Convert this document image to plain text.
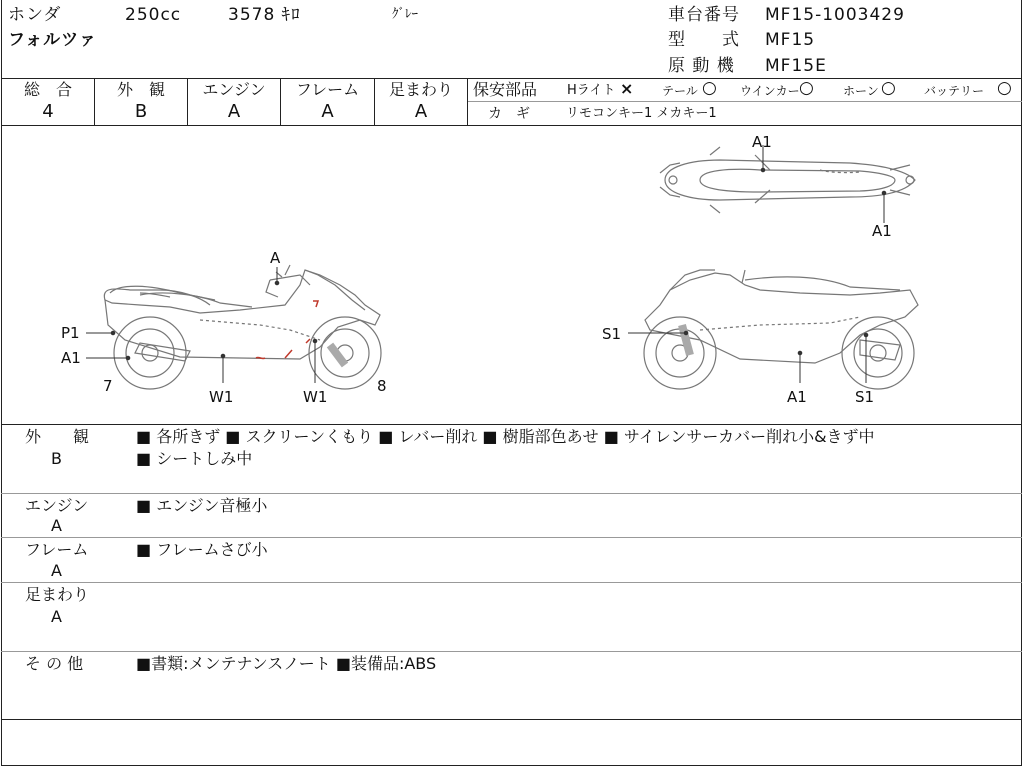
ホンダ	250cc	3578 ｷﾛ	ｸﾞﾚｰ
フォルツァ
車台番号 MF15-1003429
型　　式 MF15
原 動 機 MF15E
総　合	外　観	エンジン	フレーム	足まわり
4	B	A	A	A
保安部品 Hライト × テール ○ ウインカー ○ ホーン ○ バッテリー ○
カ　ギ	リモコンキー1 メカキー1
A
P1
A1
7	8
W1	W1
A1
A1
S1
A1	S1
外　　観
B
■ 各所きず ■ スクリーンくもり ■ レバー削れ ■ 樹脂部色あせ ■ サイレンサーカバー削れ小&きず中
■ シートしみ中
エンジン
A
■ エンジン音極小
フレーム
A
■ フレームさび小
足まわり
A
そ の 他	■書類:メンテナンスノート ■装備品:ABS
